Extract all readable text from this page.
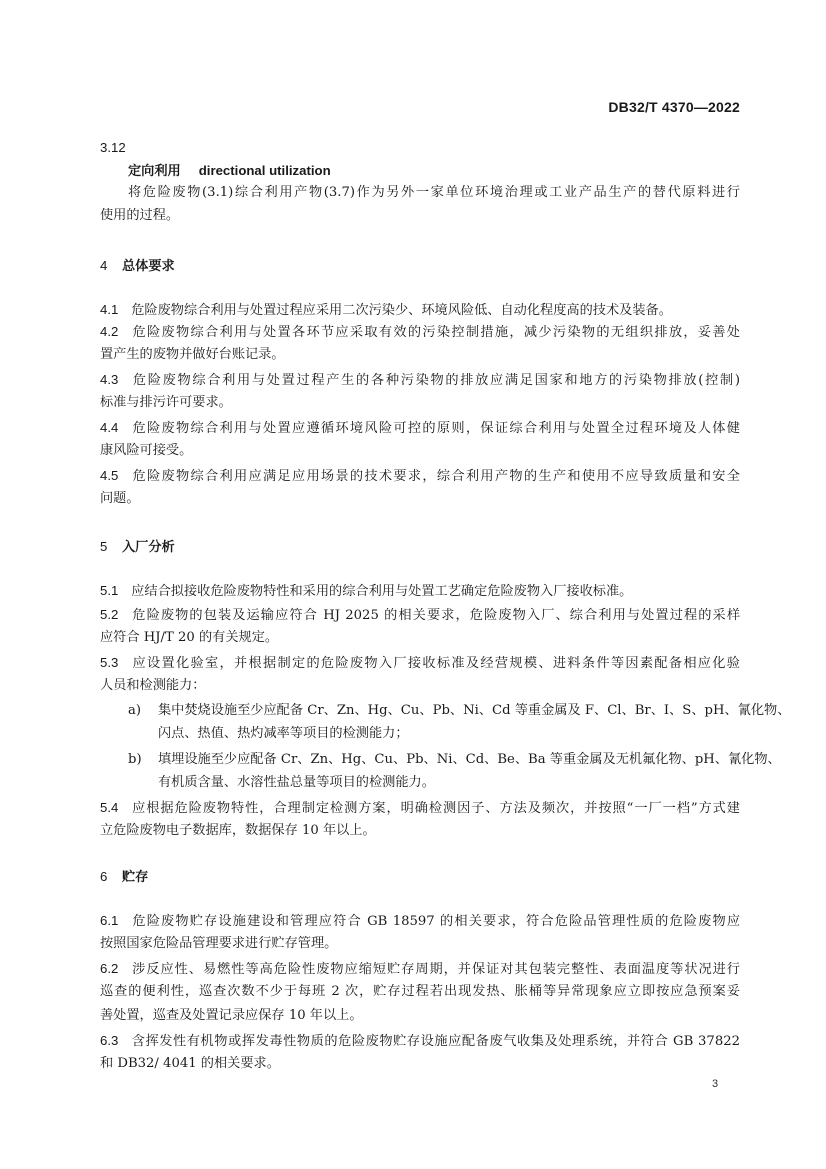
DB32/T 4370—2022
3.12
定向利用 directional utilization
将危险废物(3.1)综合利用产物(3.7)作为另外一家单位环境治理或工业产品生产的替代原料进行
使用的过程。
4 总体要求
4.1 危险废物综合利用与处置过程应采用二次污染少、环境风险低、自动化程度高的技术及装备。
4.2 危险废物综合利用与处置各环节应采取有效的污染控制措施，减少污染物的无组织排放，妥善处
置产生的废物并做好台账记录。
4.3 危险废物综合利用与处置过程产生的各种污染物的排放应满足国家和地方的污染物排放(控制)
标准与排污许可要求。
4.4 危险废物综合利用与处置应遵循环境风险可控的原则，保证综合利用与处置全过程环境及人体健
康风险可接受。
4.5 危险废物综合利用应满足应用场景的技术要求，综合利用产物的生产和使用不应导致质量和安全
问题。
5 入厂分析
5.1 应结合拟接收危险废物特性和采用的综合利用与处置工艺确定危险废物入厂接收标准。
5.2 危险废物的包装及运输应符合 HJ 2025 的相关要求，危险废物入厂、综合利用与处置过程的采样
应符合 HJ/T 20 的有关规定。
5.3 应设置化验室，并根据制定的危险废物入厂接收标准及经营规模、进料条件等因素配备相应化验
人员和检测能力：
a) 集中焚烧设施至少应配备 Cr、Zn、Hg、Cu、Pb、Ni、Cd 等重金属及 F、Cl、Br、I、S、pH、氰化物、
闪点、热值、热灼减率等项目的检测能力；
b) 填埋设施至少应配备 Cr、Zn、Hg、Cu、Pb、Ni、Cd、Be、Ba 等重金属及无机氟化物、pH、氰化物、
有机质含量、水溶性盐总量等项目的检测能力。
5.4 应根据危险废物特性，合理制定检测方案，明确检测因子、方法及频次，并按照“一厂一档”方式建
立危险废物电子数据库，数据保存 10 年以上。
6 贮存
6.1 危险废物贮存设施建设和管理应符合 GB 18597 的相关要求，符合危险品管理性质的危险废物应
按照国家危险品管理要求进行贮存管理。
6.2 涉反应性、易燃性等高危险性废物应缩短贮存周期，并保证对其包装完整性、表面温度等状况进行
巡查的便利性，巡查次数不少于每班 2 次，贮存过程若出现发热、胀桶等异常现象应立即按应急预案妥
善处置，巡查及处置记录应保存 10 年以上。
6.3 含挥发性有机物或挥发毒性物质的危险废物贮存设施应配备废气收集及处理系统，并符合 GB 37822
和 DB32/ 4041 的相关要求。
3
